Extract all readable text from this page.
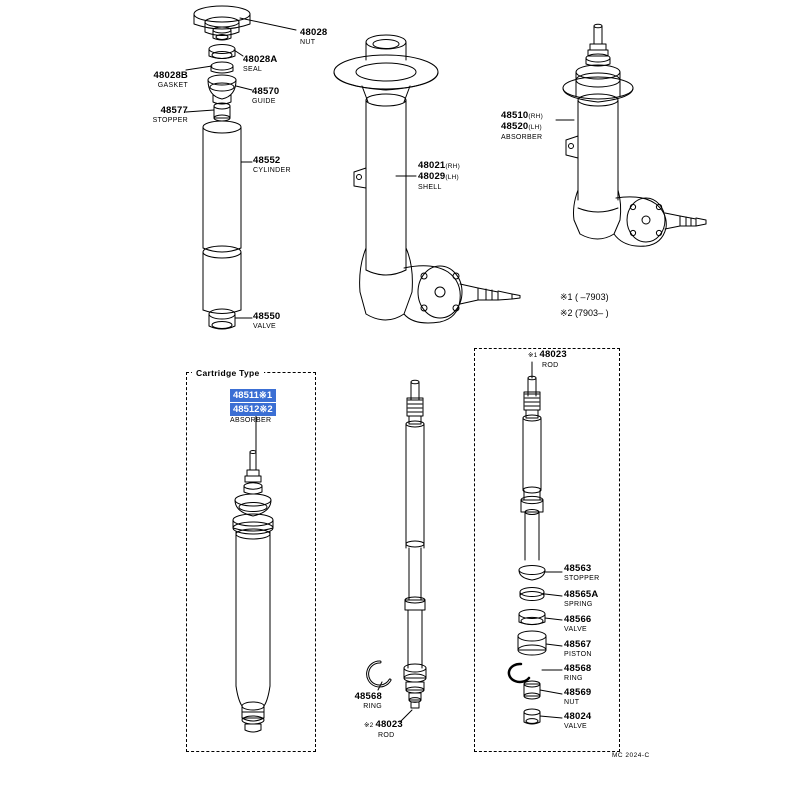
Cartridge Type
48028
NUT
48028A
SEAL
48028B
GASKET
48570
GUIDE
48577
STOPPER
48552
CYLINDER
48550
VALVE
48021(RH)
48029(LH)
SHELL
48510(RH)
48520(LH)
ABSORBER
48511※1
48512※2
ABSORBER
※1 48023
ROD
※2 48023
ROD
48563
STOPPER
48565A
SPRING
48566
VALVE
48567
PISTON
48568
RING
48569
NUT
48024
VALVE
48568
RING
※1 ( –7903)
※2 (7903– )
MC 2024-C
